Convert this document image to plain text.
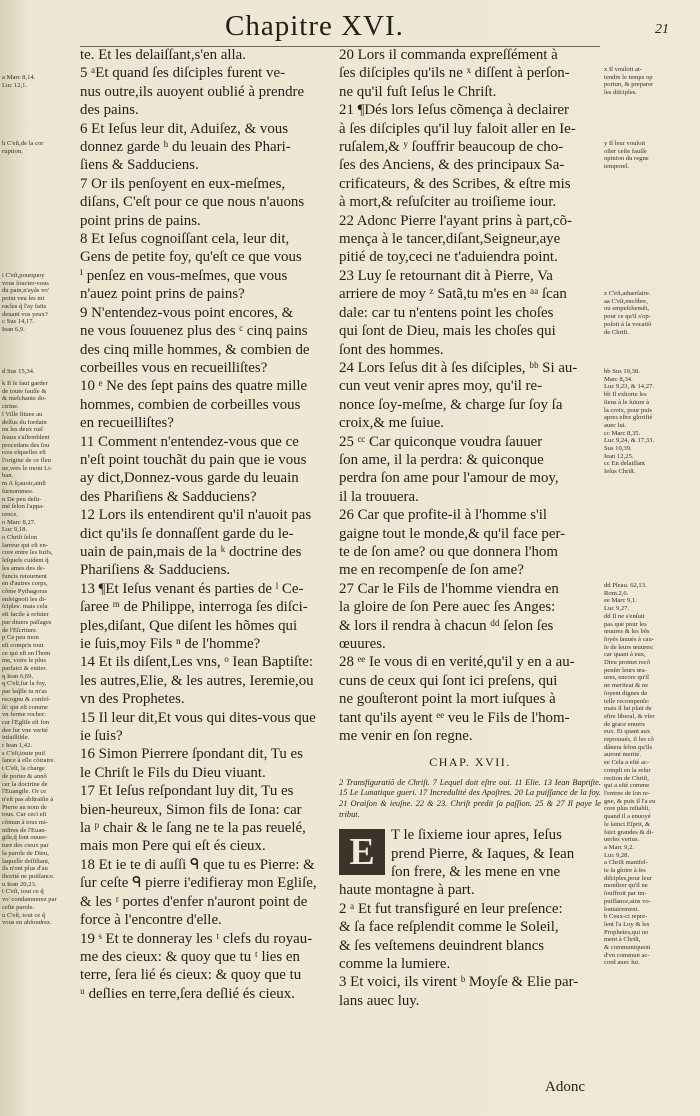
Chapitre XVI.	21
a Marc 8,14.
Luc 12,1.
h C'eſt,de la cor
ruption.
i C'eſt,pourquoy
vous ſoucier-vous
du pain,n'ayãs vo'
point veu les mi
racles q̃ l'ay faits
deuant vos yeux?
c Sus 14,17.
Iean 6,9.
d Sus 15,34.
k Il ſe faut garder
de toute fauſſe &
& meſchante do-
ctrine.
l Ville ſituee au
deſſus du Iordain
ou les deux ruiſ
ſeaux s'aſſemblent
procedans des ſou
rces eſquelles eſt
l'origine de ce fleu
ue,vers le mont Li-
ban.
m A ſçauoir,ainſi
ſurnommee.
n De peu deſti-
mé ſelon l'appa-
rence.
o Marc 8,27.
Luc 9,18.
o Chriſt ſelon
larreur qui eſt en-
core entre les Iuifs,
leſquels cuident q̃
les ames des de-
functs retournent
en d'autres corps,
cõme Pythagoras
enſeignoit les di-
ſciples: mais cela
eſt facile à refuter
par diuers paſſages
de l'Eſcriture.
p Ce peu mon
eſt compris tout
ce qui eſt en l'hom
me, voire le plus
parfaict & entier.
q Iean 6,69.
q C'eſt,ſur la foy,
par laq̃lle tu m'as
recognu & confeſ-
ſé: qui eſt comme
vn ferme rocher:
car l'Egliſe eſt fon
dee ſur vne verité
infaillible.
r Iean 1,42.
s C'eſt,toute puiſ
ſance à elle côtraire.
t C'eſt, la charge
de porter & annõ
cer la doctrine de
l'Euangile. Or ce
n'eſt pas abſtraiſte à
Pierre au nom de
tous. Car ceci eſt
cõmun à tous mi-
niſtres de l'Euan-
gile,q̃ ſont ouuer-
ture des cieux par
la parole de Dieu,
laquelle deſſiſtant,
ils n'ont plus d'au
thorité ne puiſſance.
u Iean 20,23.
t C'eſt, tout ce q̃
vo' condamnerez par
ceſte parole.
u C'eſt, tout ce q̃
vous en abſoudrez.

te. Et les delaiſſant,s'en alla.
5 ᵃEt quand ſes diſciples furent ve-
nus outre,ils auoyent oublié à prendre
des pains.
6 Et Ieſus leur dit, Aduiſez, & vous
donnez garde ʰ du leuain des Phari-
ſiens & Sadduciens.
7 Or ils penſoyent en eux-meſmes,
diſans, C'eſt pour ce que nous n'auons
point prins de pains.
8 Et Ieſus cognoiſſant cela, leur dit,
Gens de petite foy, qu'eſt ce que vous
ⁱ penſez en vous-meſmes, que vous
n'auez point prins de pains?
9 N'entendez-vous point encores, &
ne vous ſouuenez plus des ᶜ cinq pains
des cinq mille hommes, & combien de
corbeilles vous en recueilliſtes?
10 ᵉ Ne des ſept pains des quatre mille
hommes, combien de corbeilles vous
en recueilliſtes?
11 Comment n'entendez-vous que ce
n'eſt point touchãt du pain que ie vous
ay dict,Donnez-vous garde du leuain
des Phariſiens & Sadduciens?
12 Lors ils entendirent qu'il n'auoit pas
dict qu'ils ſe donnaſſent garde du le-
uain de pain,mais de la ᵏ doctrine des
Phariſiens & Sadduciens.
13 ¶Et Ieſus venant és parties de ˡ Ce-
ſaree ᵐ de Philippe, interroga ſes diſci-
ples,diſant, Que diſent les hõmes qui
ie ſuis,moy Fils ⁿ de l'homme?
14 Et ils diſent,Les vns, ᵒ Iean Baptiſte:
les autres,Elie, & les autres, Ieremie,ou
vn des Prophetes.
15 Il leur dit,Et vous qui dites-vous que
ie ſuis?
16 Simon Pierrere ſpondant dit, Tu es
le Chriſt le Fils du Dieu viuant.
17 Et Ieſus reſpondant luy dit, Tu es
bien-heureux, Simon fils de Iona: car
la ᵖ chair & le ſang ne te la pas reuelé,
mais mon Pere qui eſt és cieux.
18 Et ie te di auſſi ᑫ que tu es Pierre: &
ſur ceſte ᑫ pierre i'edifieray mon Egliſe,
& les ʳ portes d'enfer n'auront point de
force à l'encontre d'elle.
19 ˢ Et te donneray les ᵗ clefs du royau-
me des cieux: & quoy que tu ᵗ lies en
terre, ſera lié és cieux: & quoy que tu
ᵘ deſlies en terre,ſera deſlié és cieux.

20 Lors il commanda expreſſément à
ſes diſciples qu'ils ne ˣ diſſent à perſon-
ne qu'il fuſt Ieſus le Chriſt.
21 ¶Dés lors Ieſus cõmença à declairer
à ſes diſciples qu'il luy faloit aller en Ie-
ruſalem,& ʸ ſouffrir beaucoup de cho-
ſes des Anciens, & des principaux Sa-
crificateurs, & des Scribes, & eſtre mis
à mort,& reſuſciter au troiſieme iour.
22 Adonc Pierre l'ayant prins à part,cõ-
mença à le tancer,diſant,Seigneur,aye
pitié de toy,ceci ne t'aduiendra point.
23 Luy ſe retournant dit à Pierre, Va
arriere de moy ᶻ Satã,tu m'es en ᵃᵃ ſcan
dale: car tu n'entens point les choſes
qui ſont de Dieu, mais les choſes qui
ſont des hommes.
24 Lors Ieſus dit à ſes diſciples, ᵇᵇ Si au-
cun veut venir apres moy, qu'il re-
nonce ſoy-meſme, & charge ſur ſoy ſa
croix,& me ſuiue.
25 ᶜᶜ Car quiconque voudra ſauuer
ſon ame, il la perdra: & quiconque
perdra ſon ame pour l'amour de moy,
il la trouuera.
26 Car que profite-il à l'homme s'il
gaigne tout le monde,& qu'il face per-
te de ſon ame? ou que donnera l'hom
me en recompenſe de ſon ame?
27 Car le Fils de l'homme viendra en
la gloire de ſon Pere auec ſes Anges:
& lors il rendra à chacun ᵈᵈ ſelon ſes
œuures.
28 ᵉᵉ Ie vous di en verité,qu'il y en a au-
cuns de ceux qui ſont ici preſens, qui
ne gouſteront point la mort iuſques à
tant qu'ils ayent ᵉᵉ veu le Fils de l'hom-
me venir en ſon regne.

CHAP. XVII.
2 Transfiguratiõ de Chriſt. 7 Lequel doit eſtre oui. 11 Elie. 13 Iean Baptiſte. 15 Le Lunatique gueri. 17 Incredulité des Apoſtres. 20 La puiſſance de la foy. 21 Oraiſon & ieuſne. 22 & 23. Chriſt predit ſa paſſion. 25 & 27 Il paye le tribut.
E T le ſixieme iour apres, Ieſus
prend Pierre, & Iaques, & Iean
ſon frere, & les mene en vne

haute montagne à part.
2 ᵃ Et fut transfiguré en leur preſence:
& ſa face reſplendit comme le Soleil,
& ſes veſtemens deuindrent blancs
comme la lumiere.
3 Et voici, ils virent ᵇ Moyſe & Elie par-
lans auec luy.

x Il vouloit at-
tendre le temps op
portun, & preparer
ſes diſciples.
y Il leur vouloit
oſter ceſte fauſſe
opinion du regne
temporel.
z C'eſt,aduerſaire.
aa C'eſt,encõbre,
ou empeſchemẽt,
pour ce qu'il s'op-
poſoit à ſa vocatiõ
de Chriſt.
bb Sus 10,38.
Marc 8,34.
Luc 9,23, & 14,27.
bb Il exhorte les
ſiens à le ſuiure à
la croix, pour puis
apres eſtre glorifié
auec lui.
cc Marc 8,35.
Luc 9,24, & 17,33.
Sus 10,39.
Iean 12,25.
cc En delaiſſant
Ieſus Chriſt.
dd Pſeau. 62,13.
Rom.2,6.
ee Marc 9,1.
Luc 9,27.
dd Il ne s'enſuit
pas que pour les
œuures & les bõs
ſoyés ſauués à cau-
ſe de leurs œuures:
car quant à eux,
Dieu promet recõ
penſer leurs œu-
ures, encore qu'il
ne meriteat & ne
ſoyent dignes de
telle recompenſe:
mais il lui plait de
eſtre liberal, & vſer
de grace enuers
eux. Et quant aux
reprouués, il les cõ
dânera ſelon qu'ils
auront merité.
ee Cela a eſté ac-
compli en la reſur
rection de Chriſt,
qui a eſté comme
l'entree de ſon re-
gne, & puis il l'a eu
core plus reſtabli,
quand il a enuoyé
le ſainct Eſprit, &
faict grandes & di-
uerſes vertus.
a Marc 9,2.
Luc 9,28.
a Chriſt manifeſ-
te ſa gloire à ſes
diſciples,pour leur
monſtrer qu'il ne
ſouffroit par im-
puiſſance,ains vo-
lontairement.
b Ceux-ci repre-
ſent l'a Loy & les
Prophetes,qui no
ment à Chriſt,
& communiquent
d'vn commun ac-
cord auec lui.
Adonc
